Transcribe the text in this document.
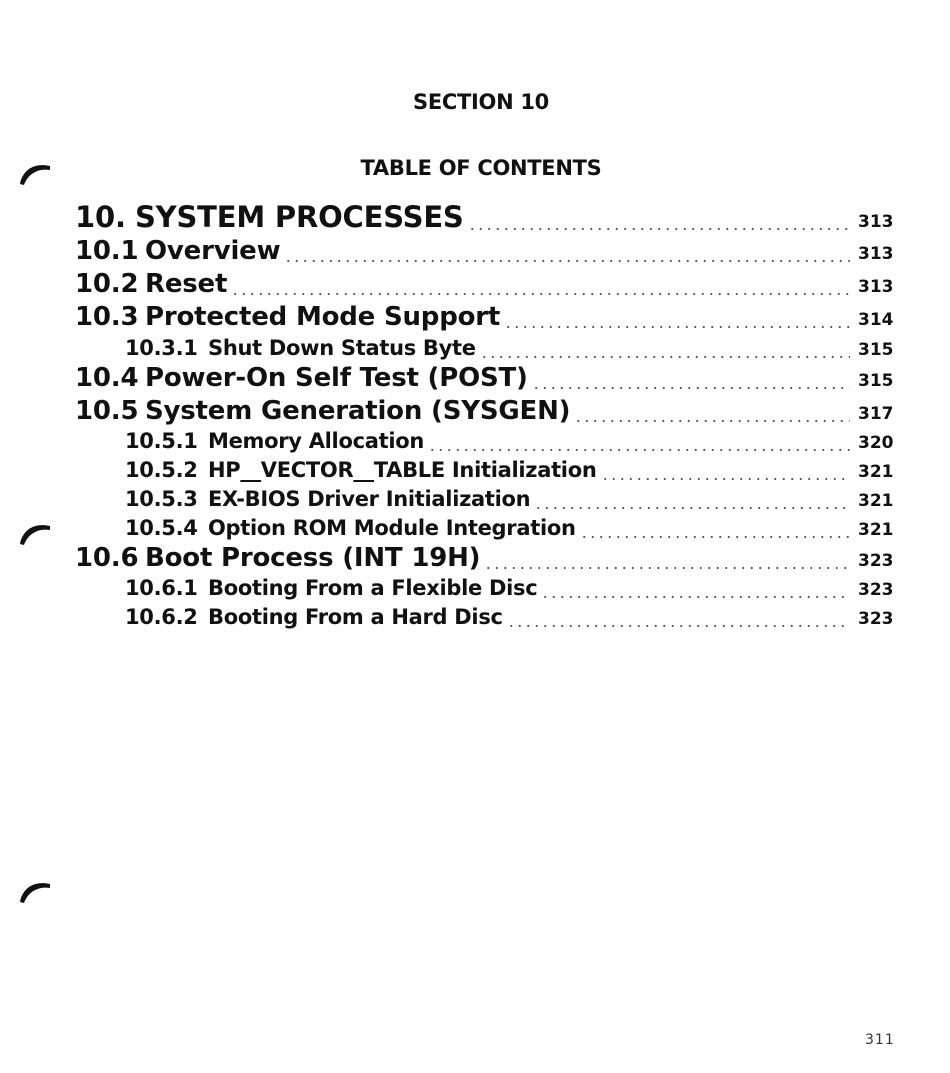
SECTION 10
TABLE OF CONTENTS
10. SYSTEM PROCESSES	313
10.1 Overview	313
10.2 Reset	313
10.3 Protected Mode Support	314
10.3.1 Shut Down Status Byte	315
10.4 Power-On Self Test (POST)	315
10.5 System Generation (SYSGEN)	317
10.5.1 Memory Allocation	320
10.5.2 HP__VECTOR__TABLE Initialization	321
10.5.3 EX-BIOS Driver Initialization	321
10.5.4 Option ROM Module Integration	321
10.6 Boot Process (INT 19H)	323
10.6.1 Booting From a Flexible Disc	323
10.6.2 Booting From a Hard Disc	323
311
